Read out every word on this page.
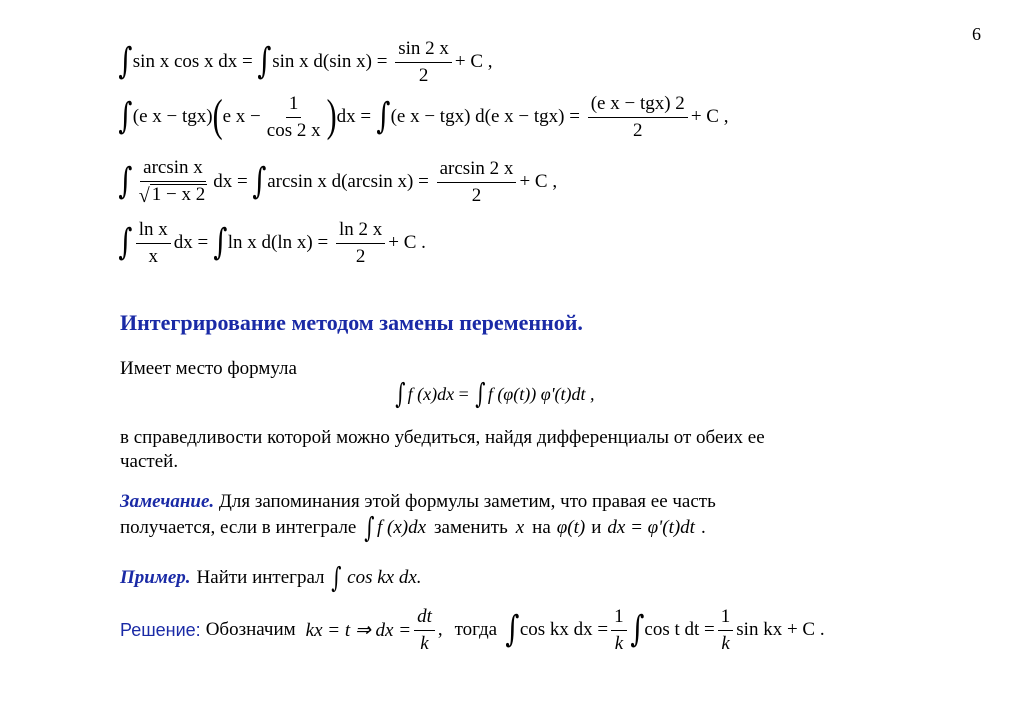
6
∫ sin x cos x dx = ∫ sin x d(sin $x) = \frac{\sin 2 x}{2} + C$ ,
∫ (e x − tgx) ( e $x - \frac{1}{\cos 2 x}$ ) dx = ∫ (e x − tgx) d(e $x - tgx) = \frac{\text{(e x − tgx) 2}}{2} + C$ ,
∫ $\frac{\text{arcsin x}}{√ 1 - x 2}$ dx = ∫ arcsin x d(arcsin $x) = \frac{\arcsin 2 x}{2} + C$ ,
∫ $\frac{\text{ln x}}{x}$ dx = ∫ ln x d(ln $x) = \frac{\ln 2 x}{2} + C$ .
Интегрирование методом замены переменной.
Имеет место формула
∫ f (x)dx = ∫ f (φ(t)) φ'(t)dt ,
в справедливости которой можно убедиться, найдя дифференциалы от обеих ее
частей.
Замечание. Для запоминания этой формулы заметим, что правая ее часть
получается, если в интеграле ∫ f (x)dx заменить x на φ(t) и dx = φ'(t)dt .
Пример. Найти интеграл ∫ cos kx dx.
Решение: Обозначим kx = t ⇒ dx = $\frac{dt}{k}$ , тогда ∫ cos kx dx = $\frac{1}{k}$ ∫ cos t dt = $\frac{1}{k}$ sin kx + C .
